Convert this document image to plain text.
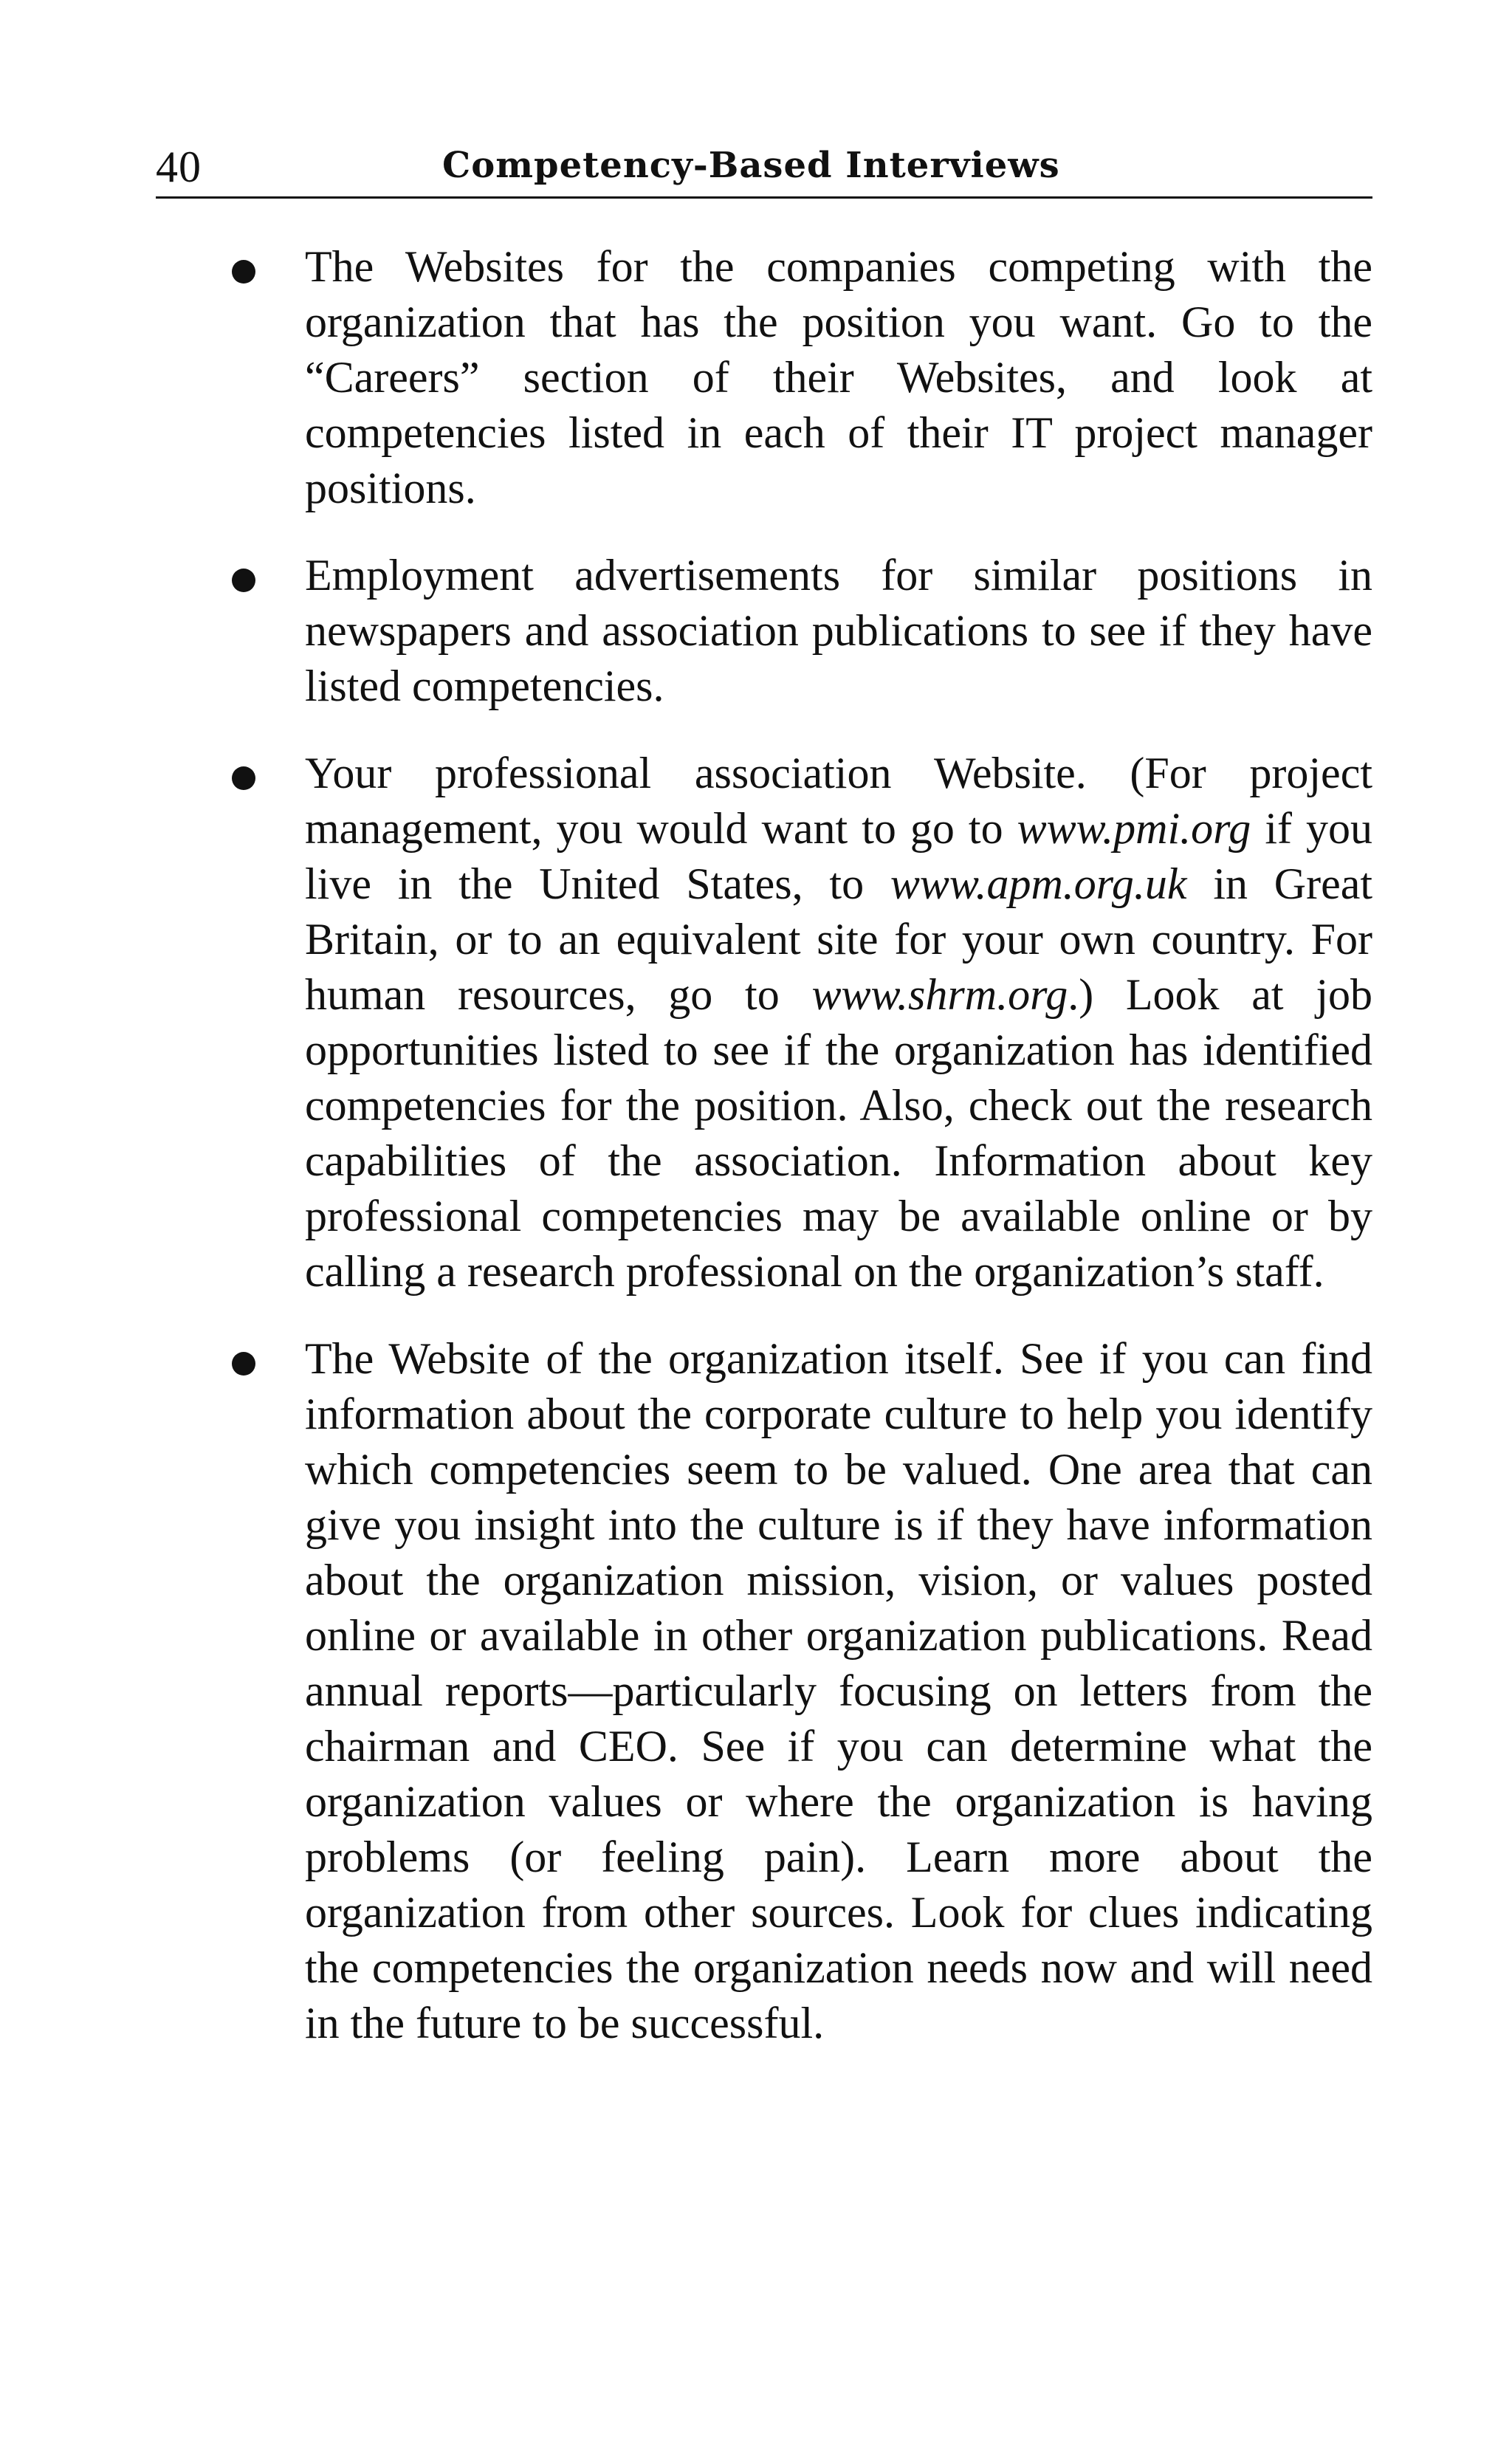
40	Competency-Based Interviews
The Websites for the companies competing with the organization that has the position you want. Go to the “Careers” section of their Websites, and look at competencies listed in each of their IT project manager positions.
Employment advertisements for similar positions in newspapers and association publications to see if they have listed competencies.
Your professional association Website. (For project management, you would want to go to www.pmi.org if you live in the United States, to www.apm.org.uk in Great Britain, or to an equivalent site for your own country. For human resources, go to www.shrm.org.) Look at job opportunities listed to see if the organization has identified competencies for the position. Also, check out the research capabilities of the association. Information about key professional competencies may be available online or by calling a research professional on the organization’s staff.
The Website of the organization itself. See if you can find information about the corporate culture to help you identify which competencies seem to be valued. One area that can give you insight into the culture is if they have information about the organization mission, vision, or values posted online or available in other organization publications. Read annual reports—particularly focusing on letters from the chairman and CEO. See if you can determine what the organization values or where the organization is having problems (or feeling pain). Learn more about the organization from other sources. Look for clues indicating the competencies the organization needs now and will need in the future to be successful.
